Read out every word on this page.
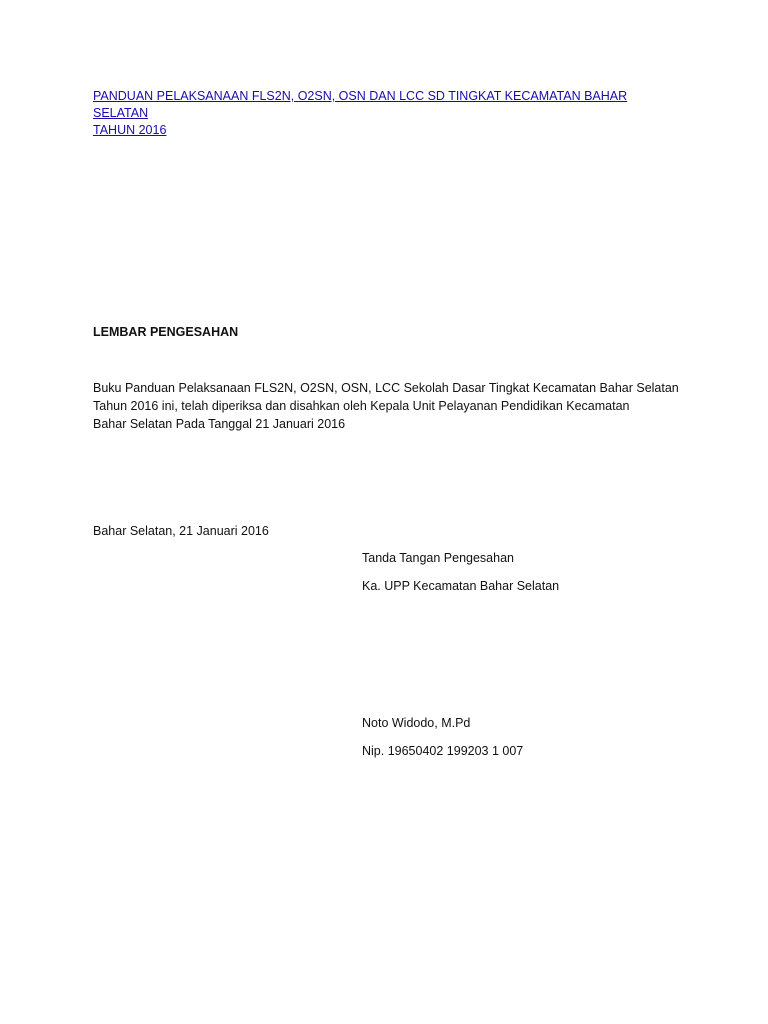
PANDUAN PELAKSANAAN FLS2N, O2SN, OSN DAN LCC SD TINGKAT KECAMATAN BAHAR SELATAN
TAHUN 2016
LEMBAR PENGESAHAN
Buku Panduan Pelaksanaan FLS2N, O2SN, OSN, LCC Sekolah Dasar Tingkat Kecamatan Bahar Selatan
Tahun 2016 ini, telah diperiksa dan disahkan oleh Kepala Unit Pelayanan Pendidikan Kecamatan
Bahar Selatan Pada Tanggal 21 Januari 2016
Bahar Selatan, 21 Januari 2016
Tanda Tangan Pengesahan
Ka. UPP Kecamatan Bahar Selatan
Noto Widodo, M.Pd
Nip. 19650402 199203 1 007
